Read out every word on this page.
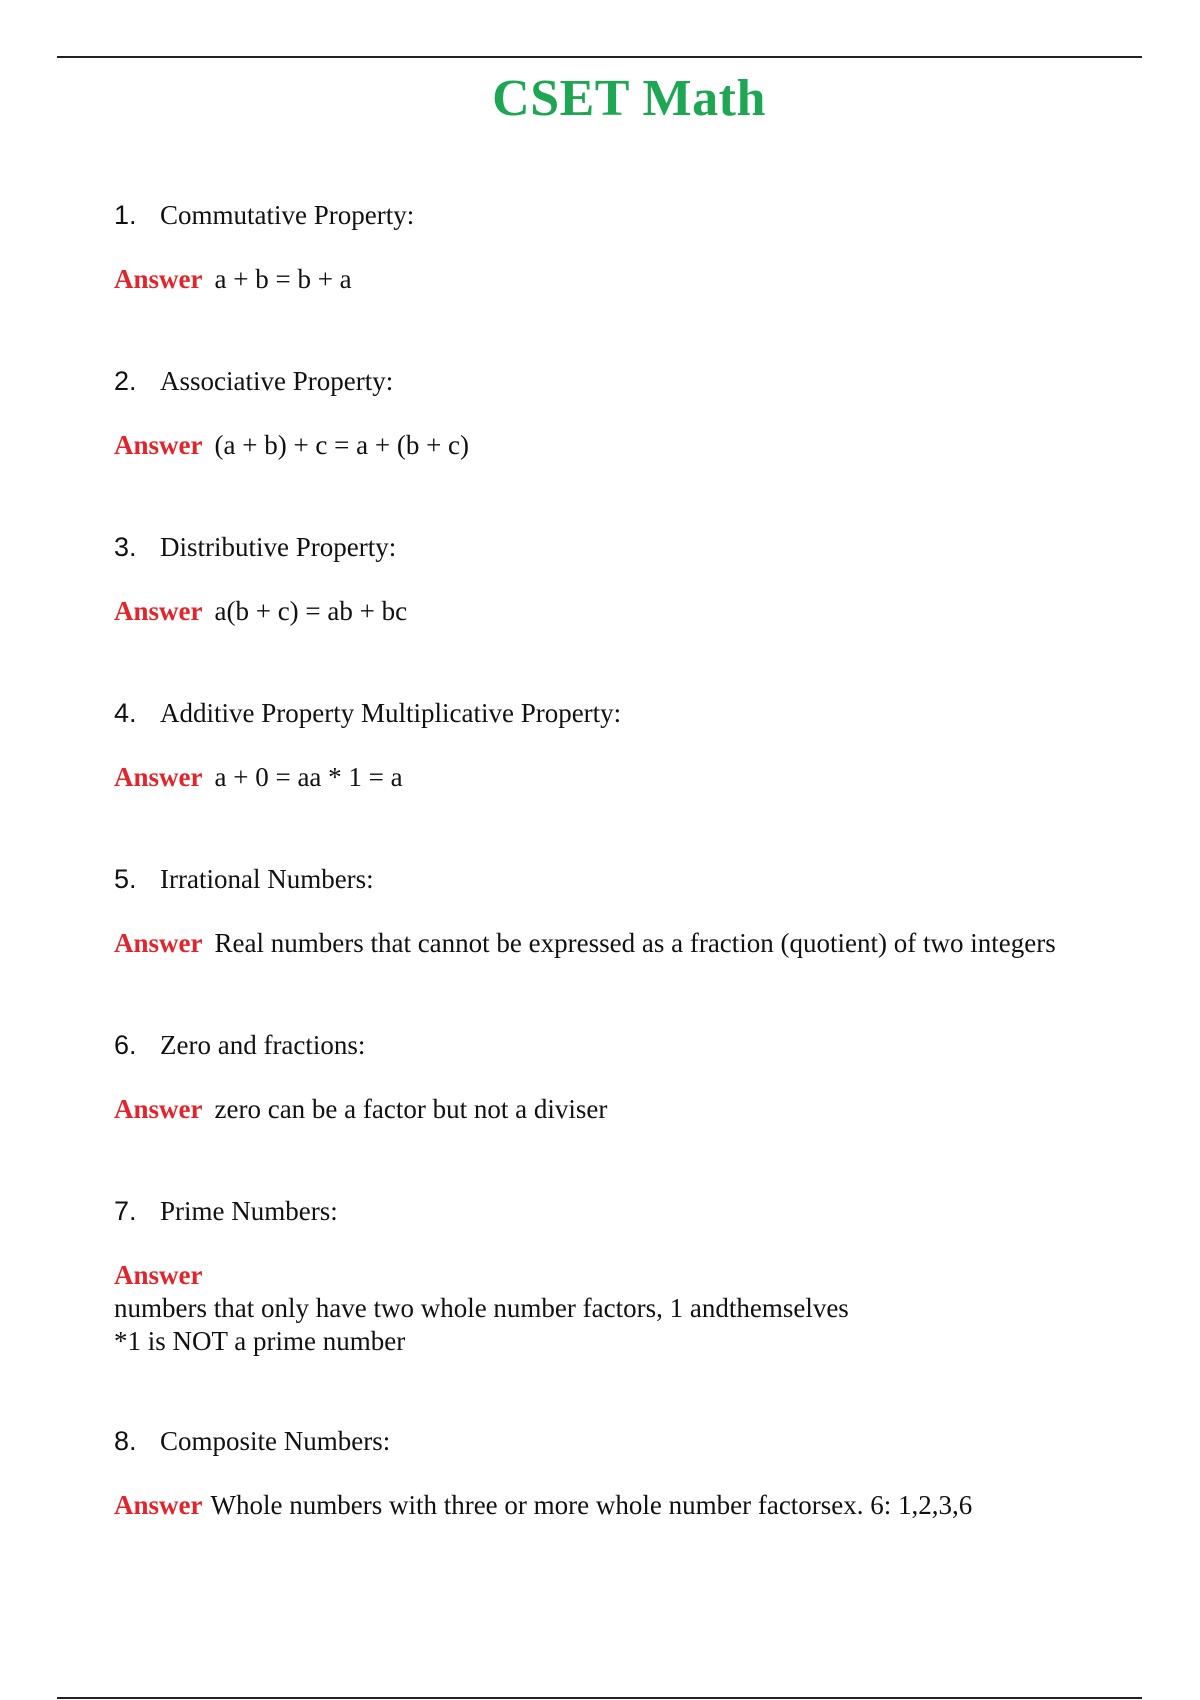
CSET Math
1. Commutative Property:
Answer a + b = b + a
2. Associative Property:
Answer (a + b) + c = a + (b + c)
3. Distributive Property:
Answer a(b + c) = ab + bc
4. Additive Property Multiplicative Property:
Answer a + 0 = aa * 1 = a
5. Irrational Numbers:
Answer Real numbers that cannot be expressed as a fraction (quotient) of two integers
6. Zero and fractions:
Answer zero can be a factor but not a diviser
7. Prime Numbers:
Answer
numbers that only have two whole number factors, 1 andthemselves
*1 is NOT a prime number
8. Composite Numbers:
Answer Whole numbers with three or more whole number factorsex. 6: 1,2,3,6
